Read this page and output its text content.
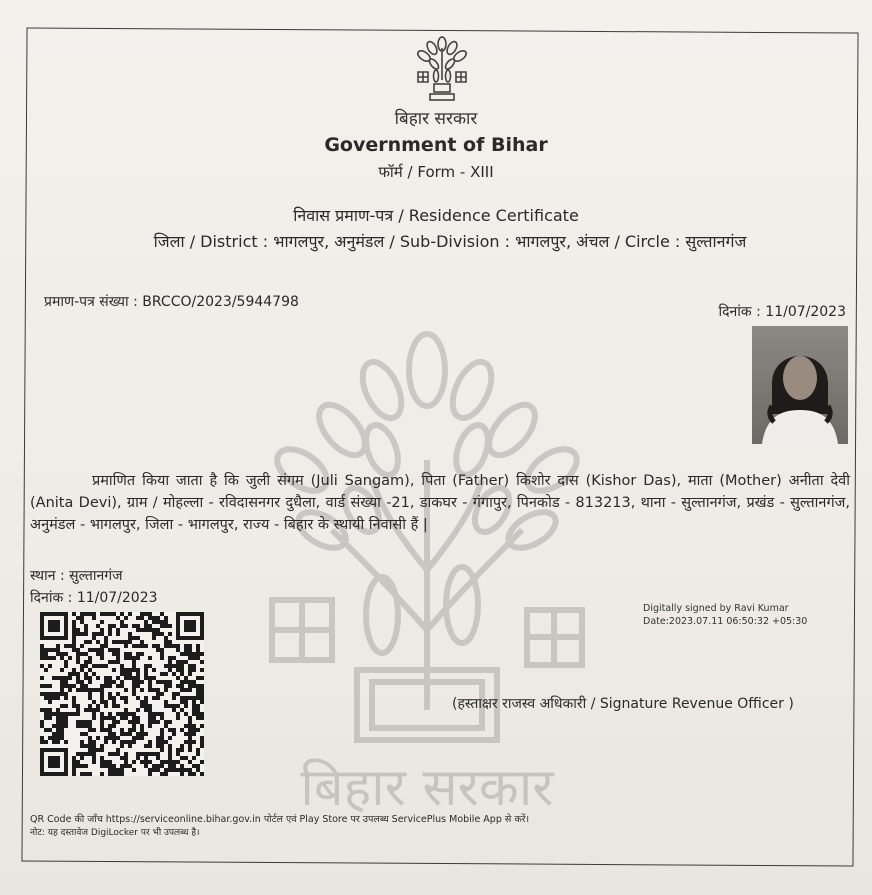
बिहार सरकार
बिहार सरकार
Government of Bihar
फॉर्म / Form - XIII
निवास प्रमाण-पत्र / Residence Certificate
जिला / District : भागलपुर, अनुमंडल / Sub-Division : भागलपुर, अंचल / Circle : सुल्तानगंज
प्रमाण-पत्र संख्या : BRCCO/2023/5944798
दिनांक : 11/07/2023
प्रमाणित किया जाता है कि जुली संगम (Juli Sangam), पिता (Father) किशोर दास (Kishor Das), माता (Mother) अनीता देवी (Anita Devi), ग्राम / मोहल्ला - रविदासनगर दुधैला, वार्ड संख्या -21, डाकघर - गंगापुर, पिनकोड - 813213, थाना - सुल्तानगंज, प्रखंड - सुल्तानगंज, अनुमंडल - भागलपुर, जिला - भागलपुर, राज्य - बिहार के स्थायी निवासी हैं |
स्थान : सुल्तानगंज
दिनांक : 11/07/2023
Digitally signed by Ravi Kumar
Date:2023.07.11 06:50:32 +05:30
(हस्ताक्षर राजस्व अधिकारी / Signature Revenue Officer )
QR Code की जाँच https://serviceonline.bihar.gov.in पोर्टल एवं Play Store पर उपलब्ध ServicePlus Mobile App से करें।
नोट: यह दस्तावेज DigiLocker पर भी उपलब्ध है।
